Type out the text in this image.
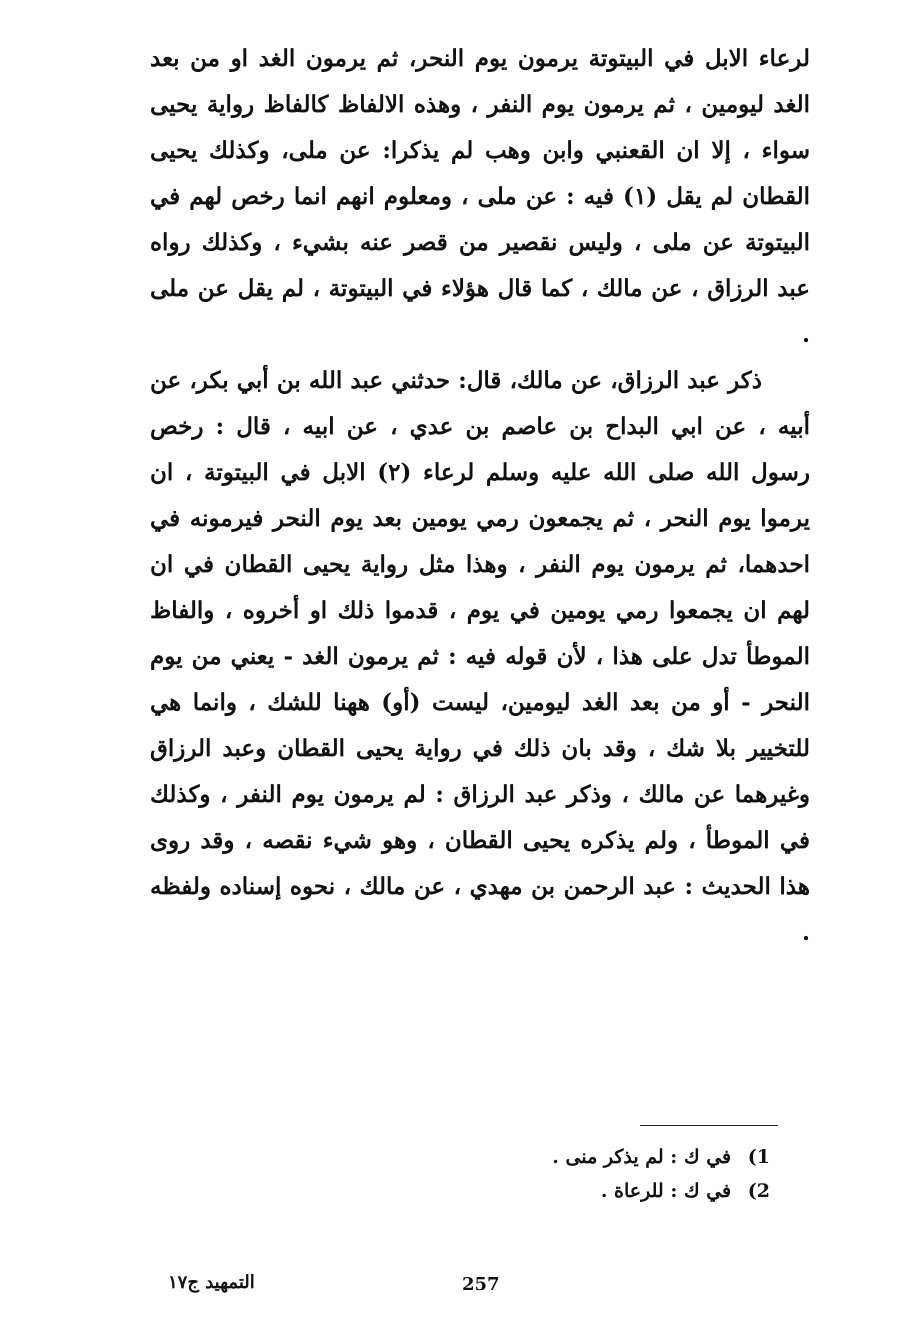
لرعاء الابل في البيتوتة يرمون يوم النحر، ثم يرمون الغد او من بعد الغد ليومين ، ثم يرمون يوم النفر ، وهذه الالفاظ كالفاظ رواية يحيى سواء ، إلا ان القعنبي وابن وهب لم يذكرا: عن ملى، وكذلك يحيى القطان لم يقل (١) فيه : عن ملى ، ومعلوم انهم انما رخص لهم في البيتوتة عن ملى ، وليس نقصير من قصر عنه بشيء ، وكذلك رواه عبد الرزاق ، عن مالك ، كما قال هؤلاء في البيتوتة ، لم يقل عن ملى .

ذكر عبد الرزاق، عن مالك، قال: حدثني عبد الله بن أبي بكر، عن أبيه ، عن ابي البداح بن عاصم بن عدي ، عن ابيه ، قال : رخص رسول الله صلى الله عليه وسلم لرعاء (٢) الابل في البيتوتة ، ان يرموا يوم النحر ، ثم يجمعون رمي يومين بعد يوم النحر فيرمونه في احدهما، ثم يرمون يوم النفر ، وهذا مثل رواية يحيى القطان في ان لهم ان يجمعوا رمي يومين في يوم ، قدموا ذلك او أخروه ، والفاظ الموطأ تدل على هذا ، لأن قوله فيه : ثم يرمون الغد - يعني من يوم النحر - أو من بعد الغد ليومين، ليست (أو) ههنا للشك ، وانما هي للتخيير بلا شك ، وقد بان ذلك في رواية يحيى القطان وعبد الرزاق وغيرهما عن مالك ، وذكر عبد الرزاق : لم يرمون يوم النفر ، وكذلك في الموطأ ، ولم يذكره يحيى القطان ، وهو شيء نقصه ، وقد روى هذا الحديث : عبد الرحمن بن مهدي ، عن مالك ، نحوه إسناده ولفظه .

1) في ك : لم يذكر منى .
2) في ك : للرعاة .
التمهيد ج١٧	257
